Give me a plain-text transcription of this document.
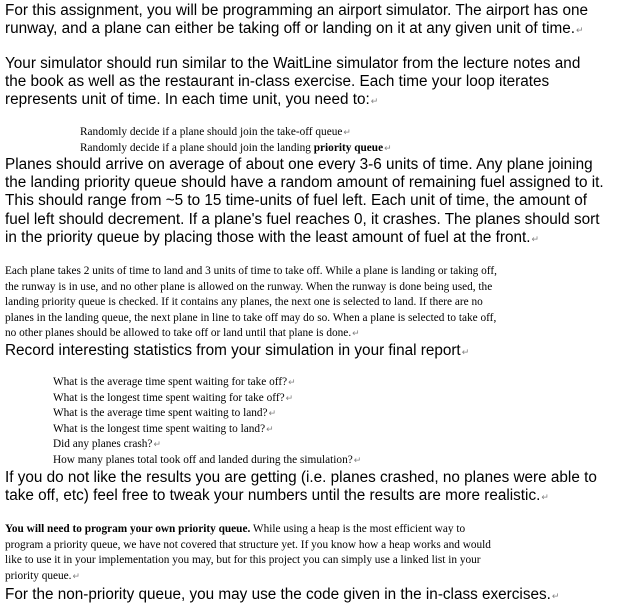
For this assignment, you will be programming an airport simulator. The airport has one
runway, and a plane can either be taking off or landing on it at any given unit of time.↵
Your simulator should run similar to the WaitLine simulator from the lecture notes and
the book as well as the restaurant in-class exercise. Each time your loop iterates
represents unit of time. In each time unit, you need to:↵
Randomly decide if a plane should join the take-off queue↵
Randomly decide if a plane should join the landing priority queue↵
Planes should arrive on average of about one every 3-6 units of time. Any plane joining
the landing priority queue should have a random amount of remaining fuel assigned to it.
This should range from ~5 to 15 time-units of fuel left. Each unit of time, the amount of
fuel left should decrement. If a plane's fuel reaches 0, it crashes. The planes should sort
in the priority queue by placing those with the least amount of fuel at the front.↵
Each plane takes 2 units of time to land and 3 units of time to take off. While a plane is landing or taking off,
the runway is in use, and no other plane is allowed on the runway. When the runway is done being used, the
landing priority queue is checked. If it contains any planes, the next one is selected to land. If there are no
planes in the landing queue, the next plane in line to take off may do so. When a plane is selected to take off,
no other planes should be allowed to take off or land until that plane is done.↵
Record interesting statistics from your simulation in your final report↵
What is the average time spent waiting for take off?↵
What is the longest time spent waiting for take off?↵
What is the average time spent waiting to land?↵
What is the longest time spent waiting to land?↵
Did any planes crash?↵
How many planes total took off and landed during the simulation?↵
If you do not like the results you are getting (i.e. planes crashed, no planes were able to
take off, etc) feel free to tweak your numbers until the results are more realistic.↵
You will need to program your own priority queue. While using a heap is the most efficient way to
program a priority queue, we have not covered that structure yet. If you know how a heap works and would
like to use it in your implementation you may, but for this project you can simply use a linked list in your
priority queue.↵
For the non-priority queue, you may use the code given in the in-class exercises.↵
